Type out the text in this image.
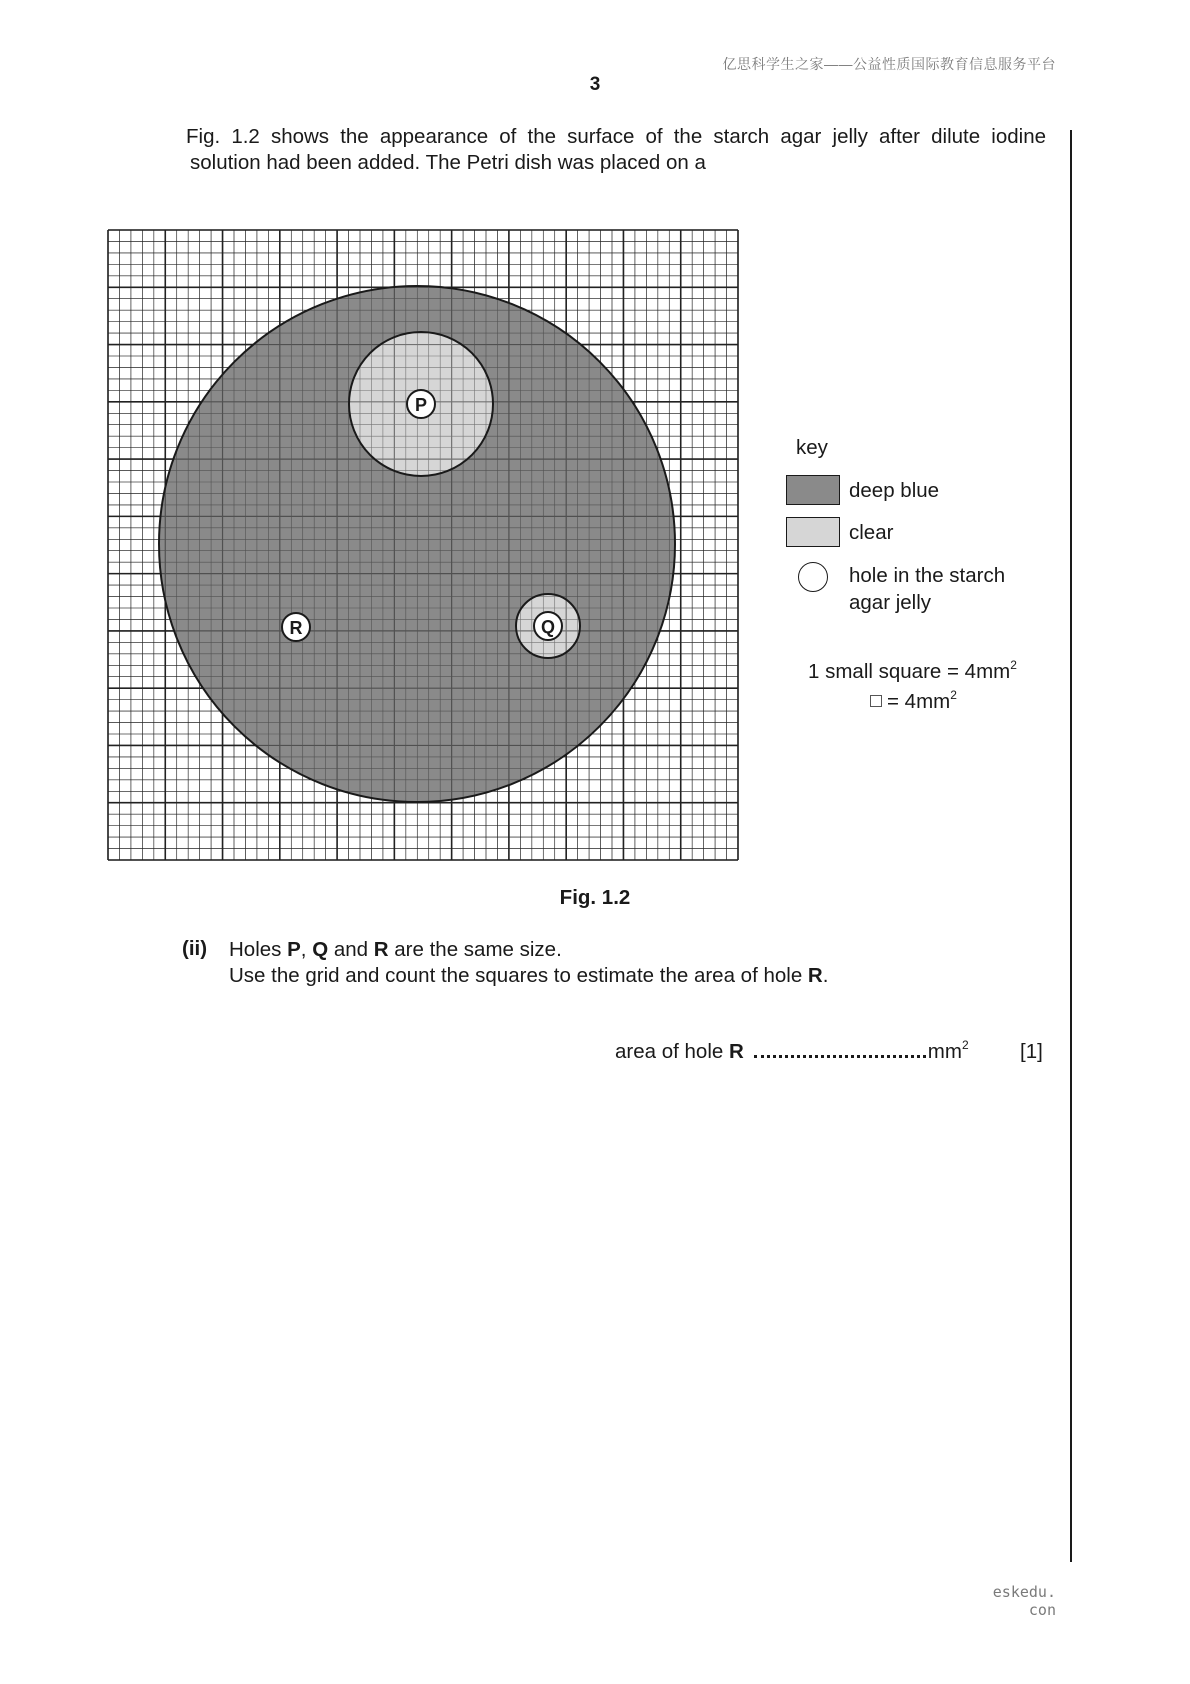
亿思科学生之家——公益性质国际教育信息服务平台
3
Fig. 1.2 shows the appearance of the surface of the starch agar jelly after dilute iodine
solution had been added. The Petri dish was placed on a
P
Q
R
key
deep blue
clear
hole in the starch agar jelly
1 small square = $4mm^2$
= $4mm^2$
Fig. 1.2
(ii) Holes P, Q and R are the same size.
Use the grid and count the squares to estimate the area of hole R.
area of hole R	$mm^2$	[1]
eskedu. con
